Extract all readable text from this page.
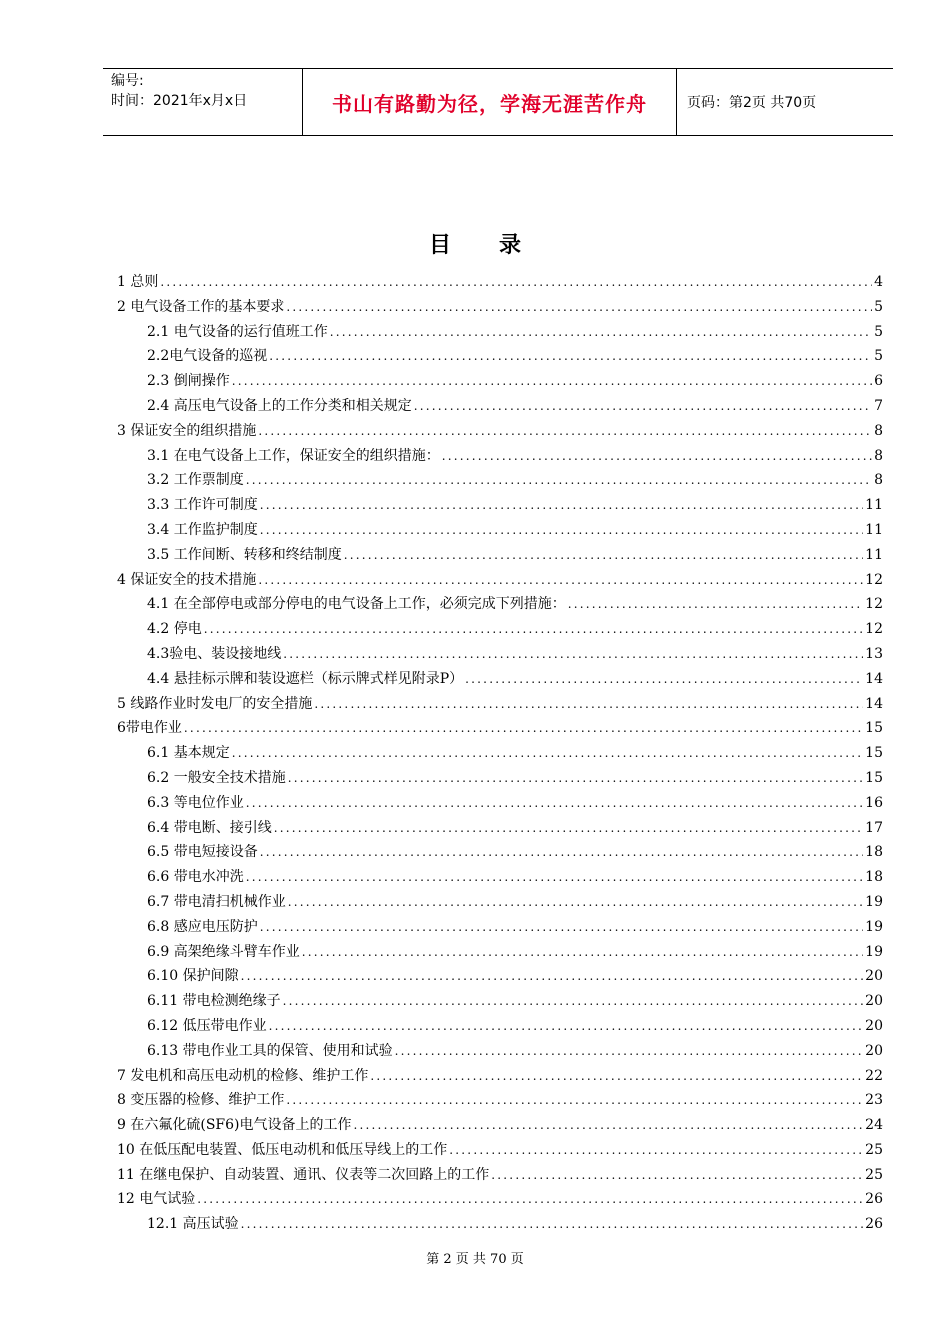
编号:
时间：2021年x月x日	书山有路勤为径，学海无涯苦作舟	页码：第2页 共70页
目录
1 总则 .....	4
2 电气设备工作的基本要求 .....	5
2.1 电气设备的运行值班工作 .....	5
2.2电气设备的巡视 .....	5
2.3 倒闸操作 .....	6
2.4 高压电气设备上的工作分类和相关规定 .....	7
3 保证安全的组织措施 .....	8
3.1 在电气设备上工作，保证安全的组织措施： .....	8
3.2 工作票制度 .....	8
3.3 工作许可制度 .....	11
3.4 工作监护制度 .....	11
3.5 工作间断、转移和终结制度 .....	11
4 保证安全的技术措施 .....	12
4.1 在全部停电或部分停电的电气设备上工作，必须完成下列措施： .....	12
4.2 停电 .....	12
4.3验电、装设接地线 .....	13
4.4 悬挂标示牌和装设遮栏（标示牌式样见附录P） .....	14
5 线路作业时发电厂的安全措施 .....	14
6带电作业 .....	15
6.1 基本规定 .....	15
6.2 一般安全技术措施 .....	15
6.3 等电位作业 .....	16
6.4 带电断、接引线 .....	17
6.5 带电短接设备 .....	18
6.6 带电水冲洗 .....	18
6.7 带电清扫机械作业 .....	19
6.8 感应电压防护 .....	19
6.9 高架绝缘斗臂车作业 .....	19
6.10 保护间隙 .....	20
6.11 带电检测绝缘子 .....	20
6.12 低压带电作业 .....	20
6.13 带电作业工具的保管、使用和试验 .....	20
7 发电机和高压电动机的检修、维护工作 .....	22
8 变压器的检修、维护工作 .....	23
9 在六氟化硫(SF6)电气设备上的工作 .....	24
10 在低压配电装置、低压电动机和低压导线上的工作 .....	25
11 在继电保护、自动装置、通讯、仪表等二次回路上的工作 .....	25
12 电气试验 .....	26
12.1 高压试验 .....	26
第 2 页 共 70 页
